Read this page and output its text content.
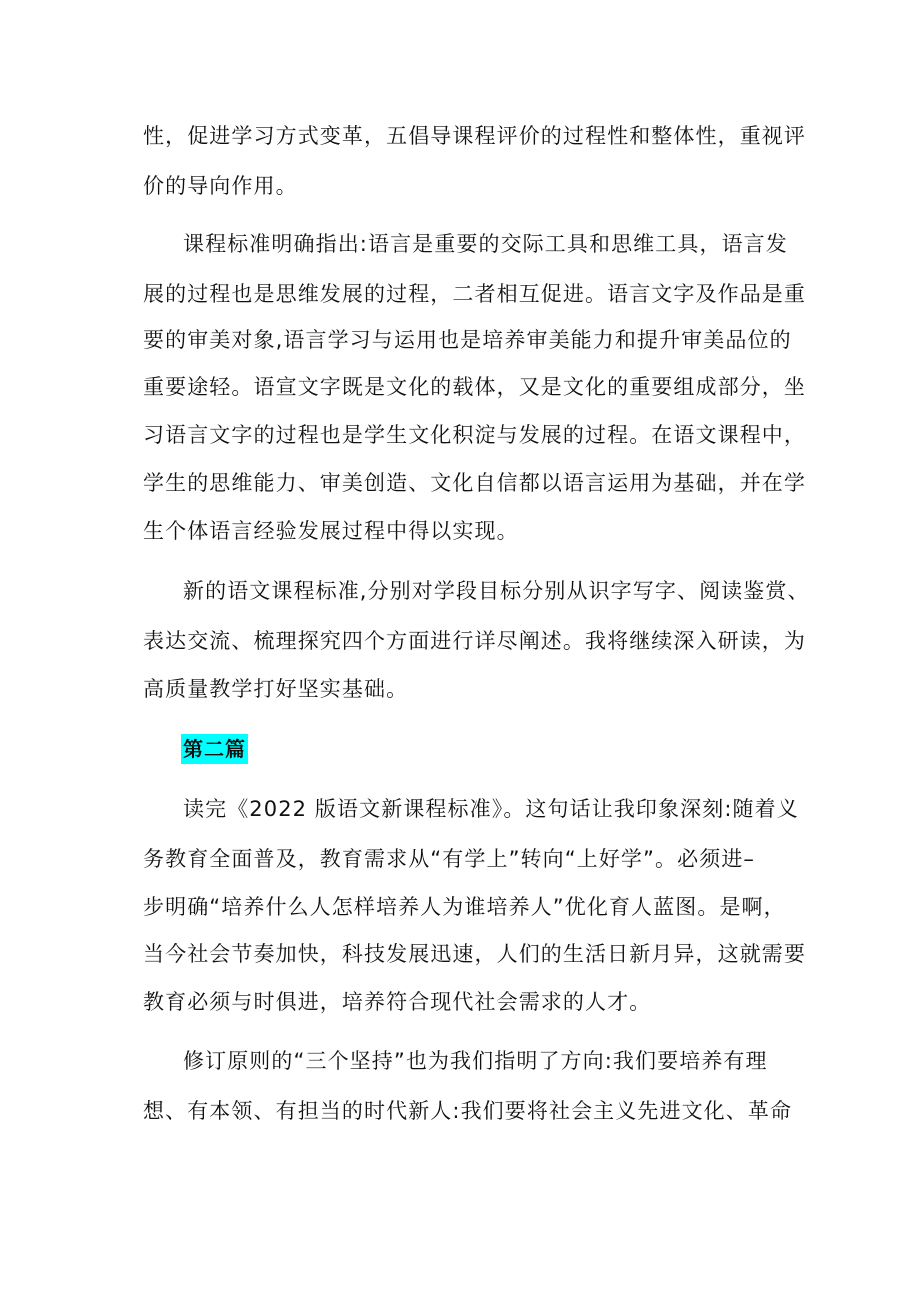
性，促进学习方式变革，五倡导课程评价的过程性和整体性，重视评
价的导向作用。
课程标准明确指出:语言是重要的交际工具和思维工具，语言发
展的过程也是思维发展的过程，二者相互促进。语言文字及作品是重
要的审美对象,语言学习与运用也是培养审美能力和提升审美品位的
重要途轻。语宣文字既是文化的载体，又是文化的重要组成部分，坐
习语言文字的过程也是学生文化积淀与发展的过程。在语文课程中，
学生的思维能力、审美创造、文化自信都以语言运用为基础，并在学
生个体语言经验发展过程中得以实现。
新的语文课程标准,分别对学段目标分别从识字写字、阅读鉴赏、
表达交流、梳理探究四个方面进行详尽阐述。我将继续深入研读，为
高质量教学打好坚实基础。
第二篇
读完《2022 版语文新课程标准》。这句话让我印象深刻:随着义
务教育全面普及，教育需求从“有学上”转向“上好学”。必须进–
步明确“培养什么人怎样培养人为谁培养人”优化育人蓝图。是啊，
当今社会节奏加快，科技发展迅速，人们的生活日新月异，这就需要
教育必须与时俱进，培养符合现代社会需求的人才。
修订原则的“三个坚持”也为我们指明了方向:我们要培养有理
想、有本领、有担当的时代新人:我们要将社会主义先进文化、革命
